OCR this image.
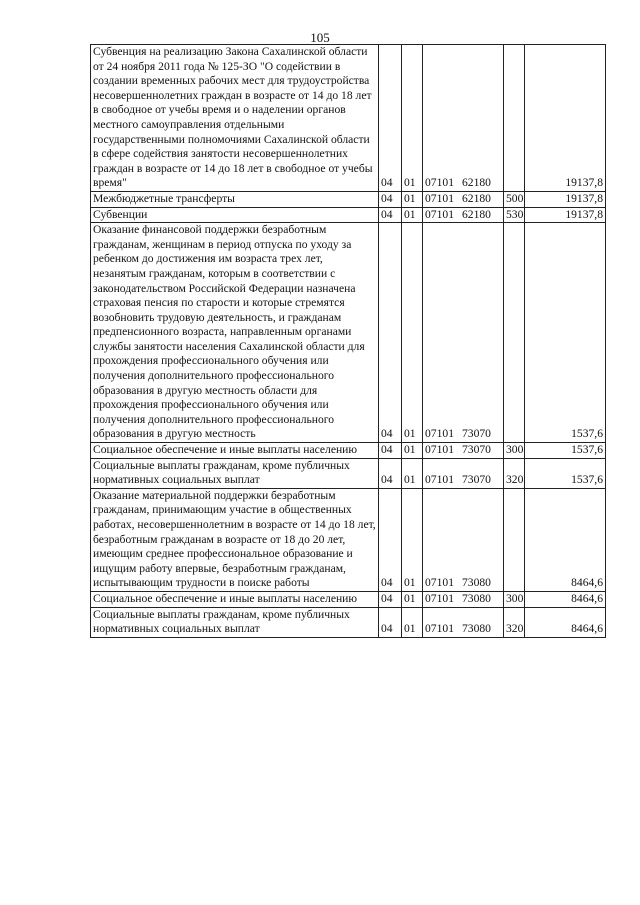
105
Субвенция на реализацию Закона Сахалинской области от 24 ноября 2011 года № 125-ЗО "О содействии в создании временных рабочих мест для трудоустройства несовершеннолетних граждан в возрасте от 14 до 18 лет в свободное от учебы время и о наделении органов местного самоуправления отдельными государственными полномочиями Сахалинской области в сфере содействия занятости несовершеннолетних граждан в возрасте от 14 до 18 лет в свободное от учебы время"	04	01	07101 62180		19137,8
Межбюджетные трансферты	04	01	07101 62180	500	19137,8
Субвенции	04	01	07101 62180	530	19137,8
Оказание финансовой поддержки безработным гражданам, женщинам в период отпуска по уходу за ребенком до достижения им возраста трех лет, незанятым гражданам, которым в соответствии с законодательством Российской Федерации назначена страховая пенсия по старости и которые стремятся возобновить трудовую деятельность, и гражданам предпенсионного возраста, направленным органами службы занятости населения Сахалинской области для прохождения профессионального обучения или получения дополнительного профессионального образования в другую местность области для прохождения профессионального обучения или получения дополнительного профессионального образования в другую местность	04	01	07101 73070		1537,6
Социальное обеспечение и иные выплаты населению	04	01	07101 73070	300	1537,6
Социальные выплаты гражданам, кроме публичных нормативных социальных выплат	04	01	07101 73070	320	1537,6
Оказание материальной поддержки безработным гражданам, принимающим участие в общественных работах, несовершеннолетним в возрасте от 14 до 18 лет, безработным гражданам в возрасте от 18 до 20 лет, имеющим среднее профессиональное образование и ищущим работу впервые, безработным гражданам, испытывающим трудности в поиске работы	04	01	07101 73080		8464,6
Социальное обеспечение и иные выплаты населению	04	01	07101 73080	300	8464,6
Социальные выплаты гражданам, кроме публичных нормативных социальных выплат	04	01	07101 73080	320	8464,6
